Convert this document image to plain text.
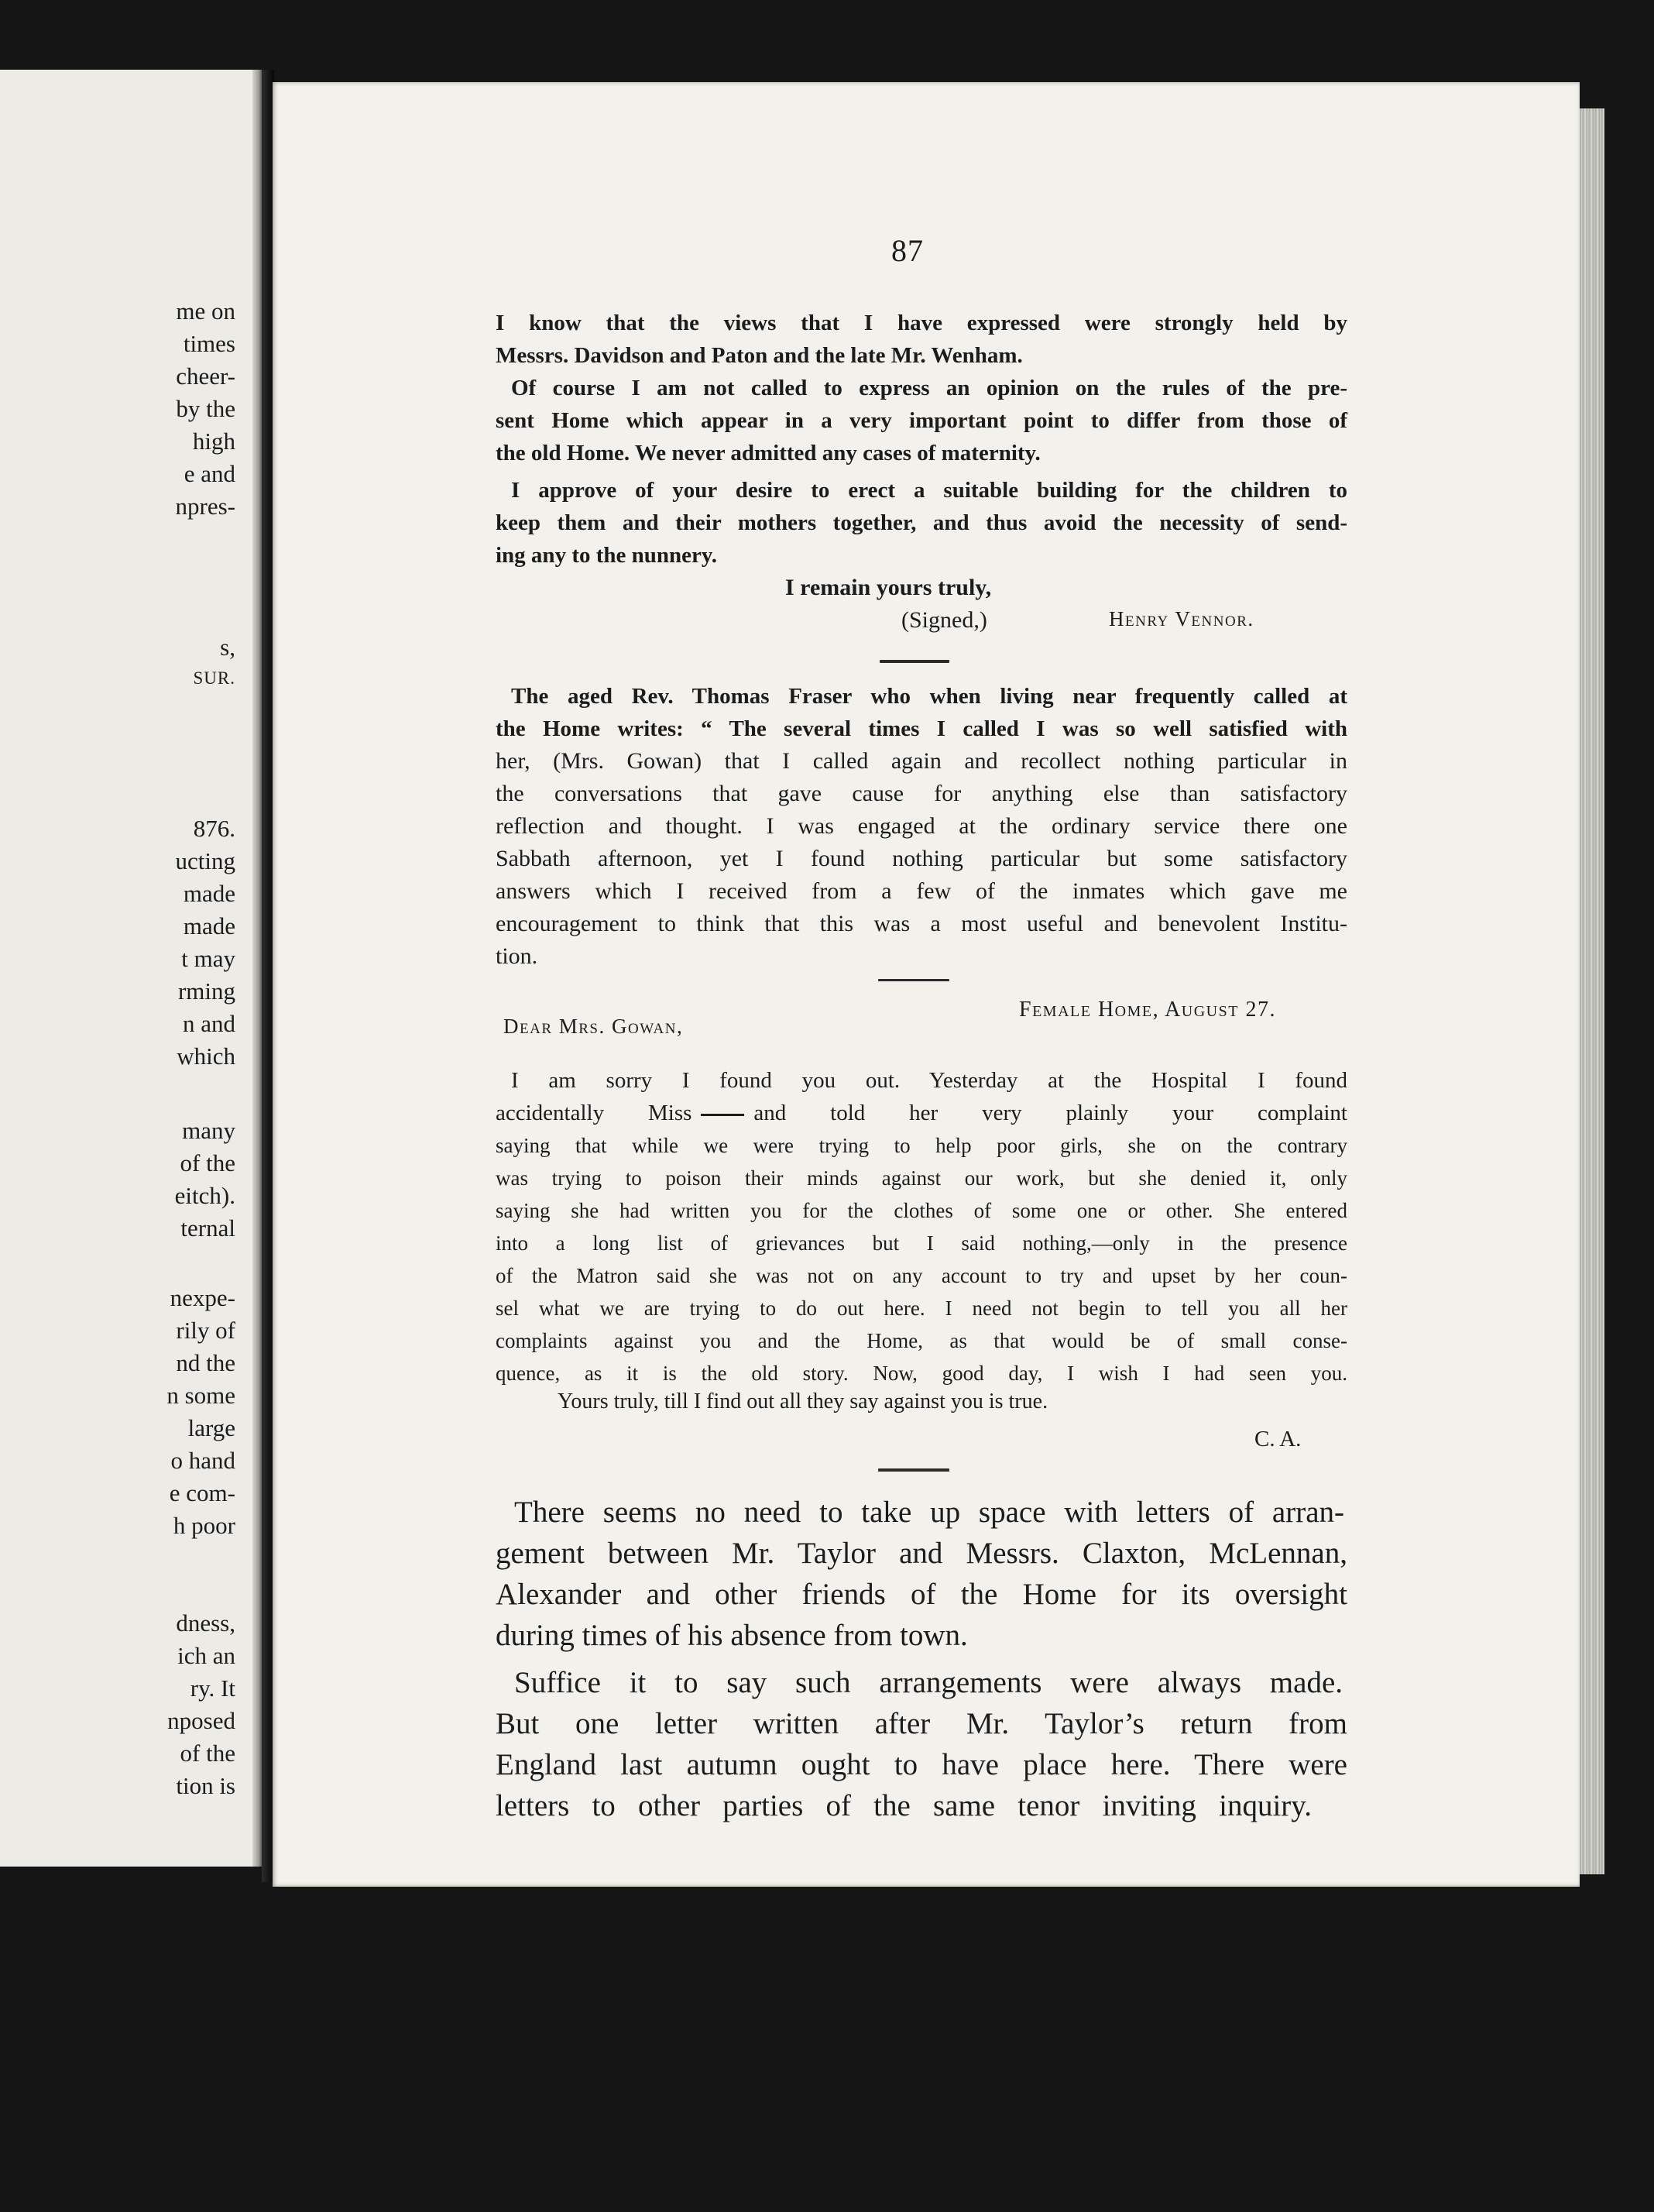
me on

times

cheer-

by the

high

e and

npres-

s,

SUR.

876.

ucting

made

made

t may

rming

n and

which

many

of the

eitch).

ternal

nexpe-

rily of

nd the

n some

large

o hand

e com-

h poor

dness,

ich an

ry. It

nposed

of the

tion is

87

I know that the views that I have expressed were strongly held by

Messrs. Davidson and Paton and the late Mr. Wenham.

Of course I am not called to express an opinion on the rules of the pre-

sent Home which appear in a very important point to differ from those of

the old Home. We never admitted any cases of maternity.

I approve of your desire to erect a suitable building for the children to

keep them and their mothers together, and thus avoid the necessity of send-

ing any to the nunnery.

I remain yours truly,

(Signed,)	Henry Vennor.

The aged Rev. Thomas Fraser who when living near frequently called at

the Home writes: “ The several times I called I was so well satisfied with

her, (Mrs. Gowan) that I called again and recollect nothing particular in

the conversations that gave cause for anything else than satisfactory

reflection and thought. I was engaged at the ordinary service there one

Sabbath afternoon, yet I found nothing particular but some satisfactory

answers which I received from a few of the inmates which gave me

encouragement to think that this was a most useful and benevolent Institu-

tion.

Female Home, August 27.

Dear Mrs. Gowan,

I am sorry I found you out. Yesterday at the Hospital I found

accidentally Miss	and told her very plainly your complaint

saying that while we were trying to help poor girls, she on the contrary

was trying to poison their minds against our work, but she denied it, only

saying she had written you for the clothes of some one or other. She entered

into a long list of grievances but I said nothing,—only in the presence

of the Matron said she was not on any account to try and upset by her coun-

sel what we are trying to do out here. I need not begin to tell you all her

complaints against you and the Home, as that would be of small conse-

quence, as it is the old story. Now, good day, I wish I had seen you.

Yours truly, till I find out all they say against you is true.

C. A.

There seems no need to take up space with letters of arran-

gement between Mr. Taylor and Messrs. Claxton, McLennan,

Alexander and other friends of the Home for its oversight

during times of his absence from town.

Suffice it to say such arrangements were always made.

But one letter written after Mr. Taylor’s return from

England last autumn ought to have place here. There were

letters to other parties of the same tenor inviting inquiry.
